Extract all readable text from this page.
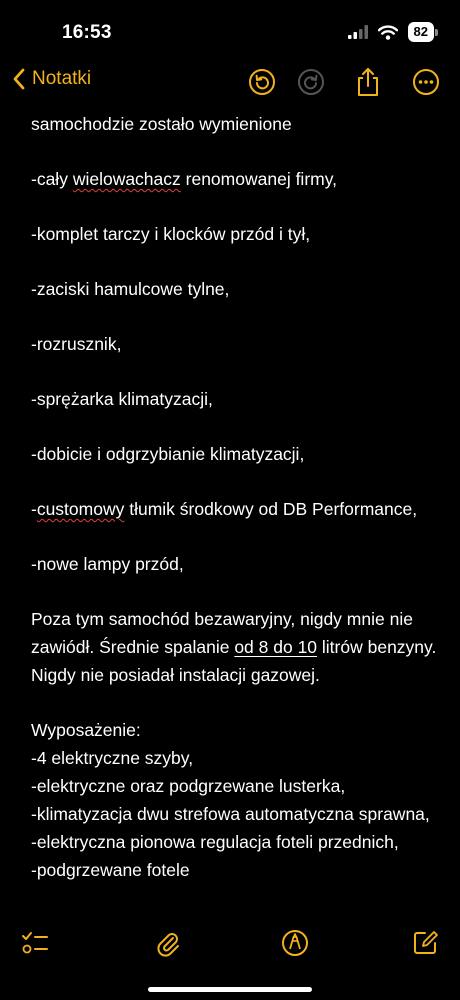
16:53	82
Notatki

samochodzie zostało wymienione

-cały wielowachacz renomowanej firmy,

-komplet tarczy i klocków przód i tył,

-zaciski hamulcowe tylne,

-rozrusznik,

-sprężarka klimatyzacji,

-dobicie i odgrzybianie klimatyzacji,

-customowy tłumik środkowy od DB Performance,

-nowe lampy przód,

Poza tym samochód bezawaryjny, nigdy mnie nie zawiódł. Średnie spalanie od 8 do 10 litrów benzyny. Nigdy nie posiadał instalacji gazowej.

Wyposażenie:

-4 elektryczne szyby,

-elektryczne oraz podgrzewane lusterka,

-klimatyzacja dwu strefowa automatyczna sprawna,

-elektryczna pionowa regulacja foteli przednich,

-podgrzewane fotele
